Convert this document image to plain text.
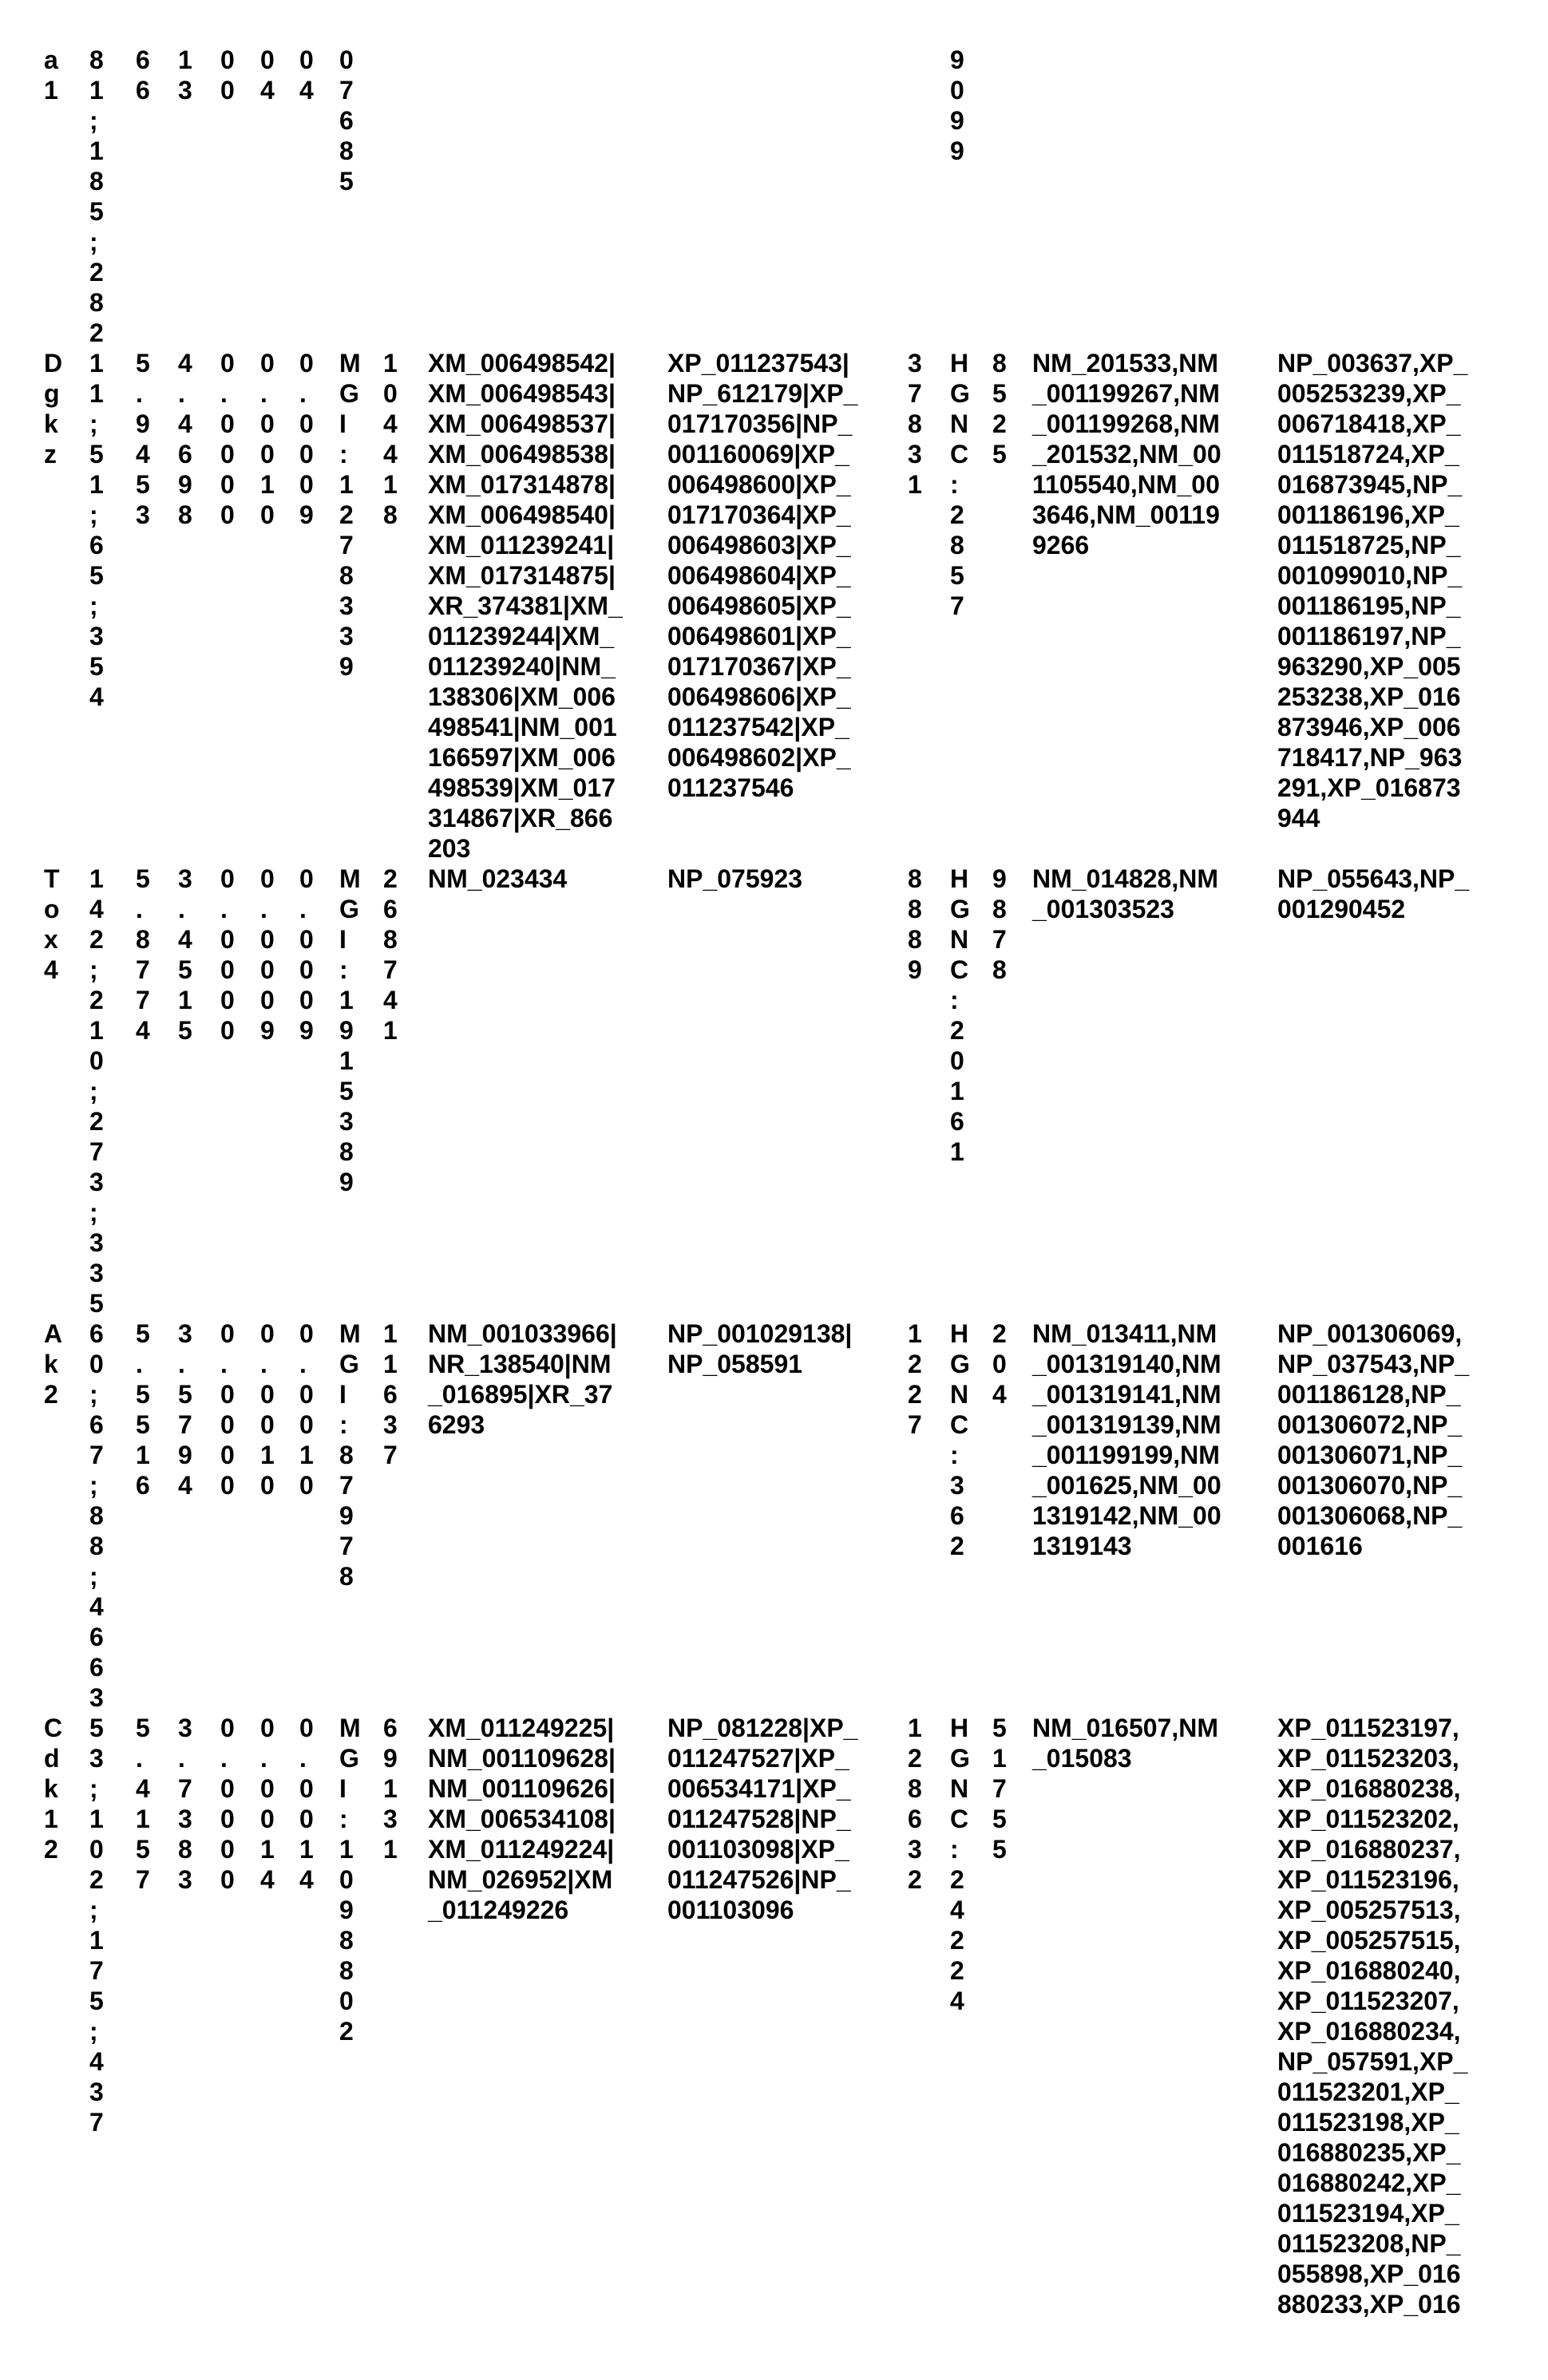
a1
81;185;282
66
13
00
04
04
07685
9099
Dgkz
11;51;65;354
5.9453
4.4698
0.0000
0.0010
0.0009
MGI:1278339
104418
XM_006498542|XM_006498543|XM_006498537|XM_006498538|XM_017314878|XM_006498540|XM_011239241|XM_017314875|XR_374381|XM_011239244|XM_011239240|NM_138306|XM_006498541|NM_001166597|XM_006498539|XM_017314867|XR_866203
XP_011237543|NP_612179|XP_017170356|NP_001160069|XP_006498600|XP_017170364|XP_006498603|XP_006498604|XP_006498605|XP_006498601|XP_017170367|XP_006498606|XP_011237542|XP_006498602|XP_011237546
37831
HGNC:2857
8525
NM_201533,NM_001199267,NM_001199268,NM_201532,NM_001105540,NM_003646,NM_001199266
NP_003637,XP_005253239,XP_006718418,XP_011518724,XP_016873945,NP_001186196,XP_011518725,NP_001099010,NP_001186195,NP_001186197,NP_963290,XP_005253238,XP_016873946,XP_006718417,NP_963291,XP_016873944
Tox4
142;210;273;335
5.8774
3.4515
0.0000
0.0009
0.0009
MGI:1915389
268741
NM_023434	NP_075923	8889
HGNC:20161
9878
NM_014828,NM_001303523
NP_055643,NP_001290452
Ak2
60;67;88;4663
5.5516
3.5794
0.0000
0.0010
0.0010
MGI:87978
11637
NM_001033966|NR_138540|NM_016895|XR_376293
NP_001029138|NP_058591
1227
HGNC:362
204
NM_013411,NM_001319140,NM_001319141,NM_001319139,NM_001199199,NM_001625,NM_001319142,NM_001319143
NP_001306069,NP_037543,NP_001186128,NP_001306072,NP_001306071,NP_001306070,NP_001306068,NP_001616
Cdk12
53;102;175;437
5.4157
3.7383
0.0000
0.0014
0.0014
MGI:1098802
69131
XM_011249225|NM_001109628|NM_001109626|XM_006534108|XM_011249224|NM_026952|XM_011249226
NP_081228|XP_011247527|XP_006534171|XP_011247528|NP_001103098|XP_011247526|NP_001103096
128632
HGNC:24224
51755
NM_016507,NM_015083
XP_011523197,XP_011523203,XP_016880238,XP_011523202,XP_016880237,XP_011523196,XP_005257513,XP_005257515,XP_016880240,XP_011523207,XP_016880234,NP_057591,XP_011523201,XP_011523198,XP_016880235,XP_016880242,XP_011523194,XP_011523208,NP_055898,XP_016880233,XP_016
